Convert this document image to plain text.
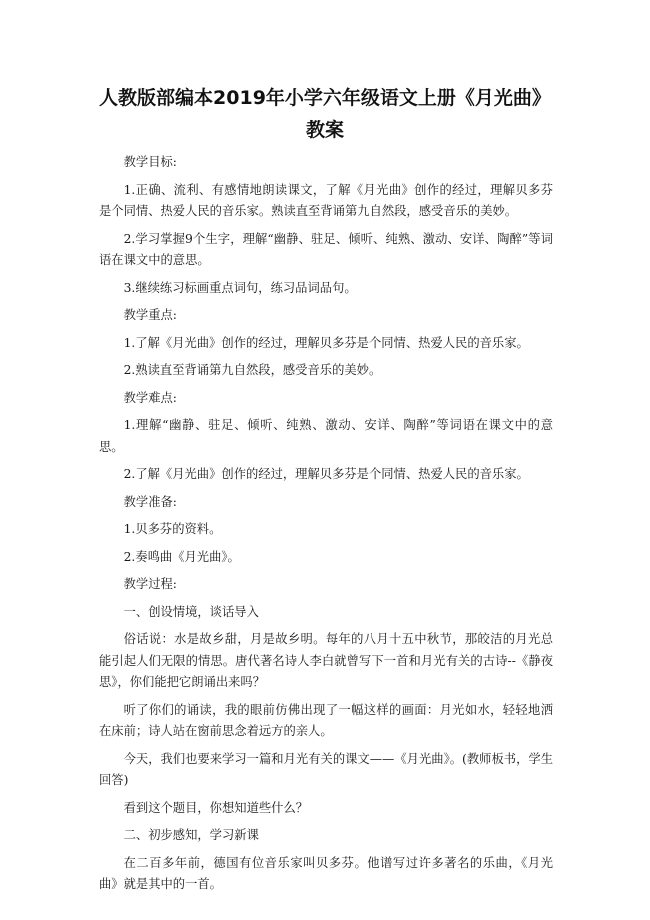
人教版部编本2019年小学六年级语文上册《月光曲》
教案

教学目标:

1.正确、流利、有感情地朗读课文，了解《月光曲》创作的经过，理解贝多芬是个同情、热爱人民的音乐家。熟读直至背诵第九自然段，感受音乐的美妙。

2.学习掌握9个生字，理解“幽静、驻足、倾听、纯熟、激动、安详、陶醉”等词语在课文中的意思。

3.继续练习标画重点词句，练习品词品句。

教学重点:

1.了解《月光曲》创作的经过，理解贝多芬是个同情、热爱人民的音乐家。

2.熟读直至背诵第九自然段，感受音乐的美妙。

教学难点:

1.理解“幽静、驻足、倾听、纯熟、激动、安详、陶醉”等词语在课文中的意思。

2.了解《月光曲》创作的经过，理解贝多芬是个同情、热爱人民的音乐家。

教学准备:

1.贝多芬的资料。

2.奏鸣曲《月光曲》。

教学过程:

一、创设情境，谈话导入

俗话说：水是故乡甜，月是故乡明。每年的八月十五中秋节，那皎洁的月光总能引起人们无限的情思。唐代著名诗人李白就曾写下一首和月光有关的古诗--《静夜思》，你们能把它朗诵出来吗？

听了你们的诵读，我的眼前仿佛出现了一幅这样的画面：月光如水，轻轻地洒在床前；诗人站在窗前思念着远方的亲人。

今天，我们也要来学习一篇和月光有关的课文——《月光曲》。(教师板书，学生回答)

看到这个题目，你想知道些什么？

二、初步感知，学习新课

在二百多年前，德国有位音乐家叫贝多芬。他谱写过许多著名的乐曲，《月光曲》就是其中的一首。
